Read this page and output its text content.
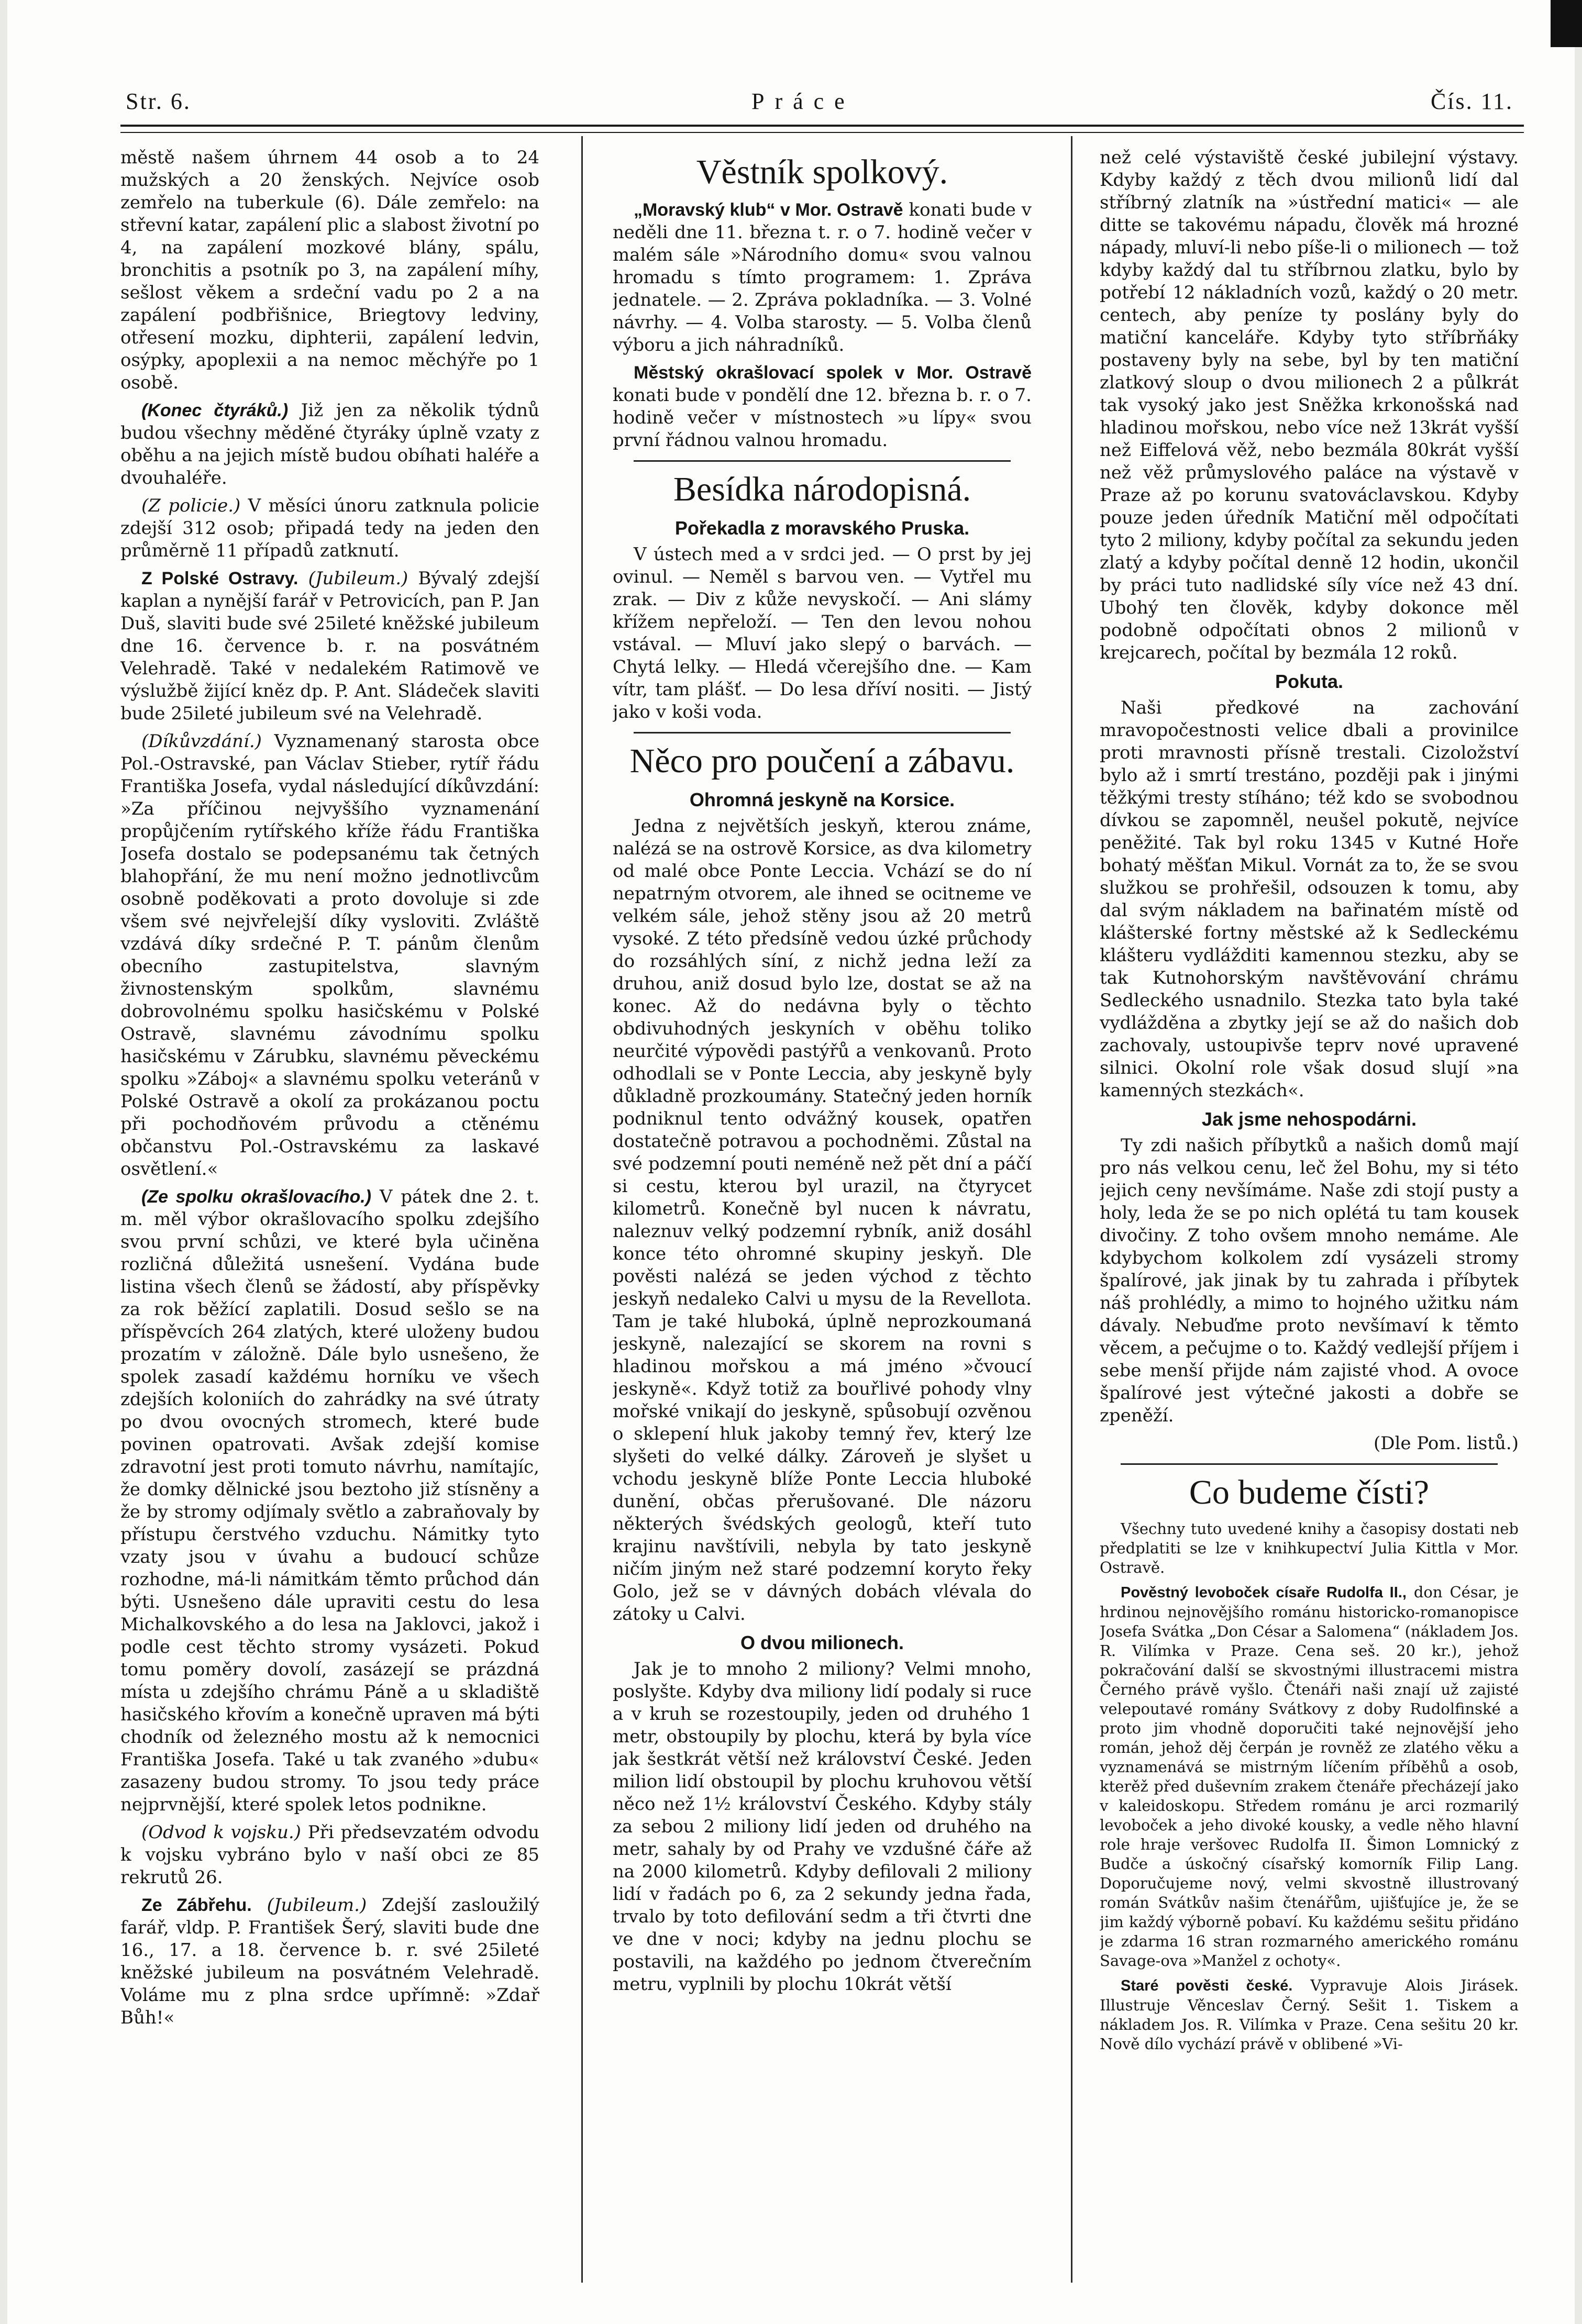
Str. 6.	Práce	Čís. 11.

městě našem úhrnem 44 osob a to 24 mužských a 20 ženských. Nejvíce osob zemřelo na tuberkule (6). Dále zemřelo: na střevní katar, zapálení plic a slabost životní po 4, na zapálení mozkové blány, spálu, bronchitis a psotník po 3, na zapálení míhy, sešlost věkem a srdeční vadu po 2 a na zapálení podbřišnice, Briegtovy ledviny, otřesení mozku, diphterii, zapálení ledvin, osýpky, apoplexii a na nemoc měchýře po 1 osobě.

(Konec čtyráků.) Již jen za několik týdnů budou všechny měděné čtyráky úplně vzaty z oběhu a na jejich místě budou obíhati haléře a dvouhaléře.

(Z policie.) V měsíci únoru zatknula policie zdejší 312 osob; připadá tedy na jeden den průměrně 11 případů zatknutí.

Z Polské Ostravy. (Jubileum.) Bývalý zdejší kaplan a nynější farář v Petrovicích, pan P. Jan Duš, slaviti bude své 25ileté kněžské jubileum dne 16. července b. r. na posvátném Velehradě. Také v nedalekém Ratimově ve výslužbě žijící kněz dp. P. Ant. Sládeček slaviti bude 25ileté jubileum své na Velehradě.

(Díkůvzdání.) Vyznamenaný starosta obce Pol.-Ostravské, pan Václav Stieber, rytíř řádu Františka Josefa, vydal následující díkůvzdání: »Za příčinou nejvyššího vyznamenání propůjčením rytířského kříže řádu Františka Josefa dostalo se podepsanému tak četných blahopřání, že mu není možno jednotlivcům osobně poděkovati a proto dovoluje si zde všem své nejvřelejší díky vysloviti. Zvláště vzdává díky srdečné P. T. pánům členům obecního zastupitelstva, slavným živnostenským spolkům, slavnému dobrovolnému spolku hasičskému v Polské Ostravě, slavnému závodnímu spolku hasičskému v Zárubku, slavnému pěveckému spolku »Záboj« a slavnému spolku veteránů v Polské Ostravě a okolí za prokázanou poctu při pochodňovém průvodu a ctěnému občanstvu Pol.-Ostravskému za laskavé osvětlení.«

(Ze spolku okrašlovacího.) V pátek dne 2. t. m. měl výbor okrašlovacího spolku zdejšího svou první schůzi, ve které byla učiněna rozličná důležitá usnešení. Vydána bude listina všech členů se žádostí, aby příspěvky za rok běžící zaplatili. Dosud sešlo se na příspěvcích 264 zlatých, které uloženy budou prozatím v záložně. Dále bylo usnešeno, že spolek zasadí každému horníku ve všech zdejších koloniích do zahrádky na své útraty po dvou ovocných stromech, které bude povinen opatrovati. Avšak zdejší komise zdravotní jest proti tomuto návrhu, namítajíc, že domky dělnické jsou beztoho již stísněny a že by stromy odjímaly světlo a zabraňovaly by přístupu čerstvého vzduchu. Námitky tyto vzaty jsou v úvahu a budoucí schůze rozhodne, má-li námitkám těmto průchod dán býti. Usnešeno dále upraviti cestu do lesa Michalkovského a do lesa na Jaklovci, jakož i podle cest těchto stromy vysázeti. Pokud tomu poměry dovolí, zasázejí se prázdná místa u zdejšího chrámu Páně a u skladiště hasičského křovím a konečně upraven má býti chodník od železného mostu až k nemocnici Františka Josefa. Také u tak zvaného »dubu« zasazeny budou stromy. To jsou tedy práce nejprvnější, které spolek letos podnikne.

(Odvod k vojsku.) Při předsevzatém odvodu k vojsku vybráno bylo v naší obci ze 85 rekrutů 26.

Ze Zábřehu. (Jubileum.) Zdejší zasloužilý farář, vldp. P. František Šerý, slaviti bude dne 16., 17. a 18. července b. r. své 25ileté kněžské jubileum na posvátném Velehradě. Voláme mu z plna srdce upřímně: »Zdař Bůh!«

Věstník spolkový.

„Moravský klub“ v Mor. Ostravě konati bude v neděli dne 11. března t. r. o 7. hodině večer v malém sále »Národního domu« svou valnou hromadu s tímto programem: 1. Zpráva jednatele. — 2. Zpráva pokladníka. — 3. Volné návrhy. — 4. Volba starosty. — 5. Volba členů výboru a jich náhradníků.

Městský okrašlovací spolek v Mor. Ostravě konati bude v pondělí dne 12. března b. r. o 7. hodině večer v místnostech »u lípy« svou první řádnou valnou hromadu.

Besídka národopisná.
Pořekadla z moravského Pruska.

V ústech med a v srdci jed. — O prst by jej ovinul. — Neměl s barvou ven. — Vytřel mu zrak. — Div z kůže nevyskočí. — Ani slámy křížem nepřeloží. — Ten den levou nohou vstával. — Mluví jako slepý o barvách. — Chytá lelky. — Hledá včerejšího dne. — Kam vítr, tam plášť. — Do lesa dříví nositi. — Jistý jako v koši voda.

Něco pro poučení a zábavu.
Ohromná jeskyně na Korsice.

Jedna z největších jeskyň, kterou známe, nalézá se na ostrově Korsice, as dva kilometry od malé obce Ponte Leccia. Vchází se do ní nepatrným otvorem, ale ihned se ocitneme ve velkém sále, jehož stěny jsou až 20 metrů vysoké. Z této předsíně vedou úzké průchody do rozsáhlých síní, z nichž jedna leží za druhou, aniž dosud bylo lze, dostat se až na konec. Až do nedávna byly o těchto obdivuhodných jeskyních v oběhu toliko neurčité výpovědi pastýřů a venkovanů. Proto odhodlali se v Ponte Leccia, aby jeskyně byly důkladně prozkoumány. Statečný jeden horník podniknul tento odvážný kousek, opatřen dostatečně potravou a pochodněmi. Zůstal na své podzemní pouti neméně než pět dní a páčí si cestu, kterou byl urazil, na čtyrycet kilometrů. Konečně byl nucen k návratu, naleznuv velký podzemní rybník, aniž dosáhl konce této ohromné skupiny jeskyň. Dle pověsti nalézá se jeden východ z těchto jeskyň nedaleko Calvi u mysu de la Revellota. Tam je také hluboká, úplně neprozkoumaná jeskyně, nalezající se skorem na rovni s hladinou mořskou a má jméno »čvoucí jeskyně«. Když totiž za bouřlivé pohody vlny mořské vnikají do jeskyně, spůsobují ozvěnou o sklepení hluk jakoby temný řev, který lze slyšeti do velké dálky. Zároveň je slyšet u vchodu jeskyně blíže Ponte Leccia hluboké dunění, občas přerušované. Dle názoru některých švédských geologů, kteří tuto krajinu navštívili, nebyla by tato jeskyně ničím jiným než staré podzemní koryto řeky Golo, jež se v dávných dobách vlévala do zátoky u Calvi.

O dvou milionech.

Jak je to mnoho 2 miliony? Velmi mnoho, poslyšte. Kdyby dva miliony lidí podaly si ruce a v kruh se rozestoupily, jeden od druhého 1 metr, obstoupily by plochu, která by byla více jak šestkrát větší než království České. Jeden milion lidí obstoupil by plochu kruhovou větší něco než 1½ království Českého. Kdyby stály za sebou 2 miliony lidí jeden od druhého na metr, sahaly by od Prahy ve vzdušné čáře až na 2000 kilometrů. Kdyby defilovali 2 miliony lidí v řadách po 6, za 2 sekundy jedna řada, trvalo by toto defilování sedm a tři čtvrti dne ve dne v noci; kdyby na jednu plochu se postavili, na každého po jednom čtverečním metru, vyplnili by plochu 10krát větší

než celé výstaviště české jubilejní výstavy. Kdyby každý z těch dvou milionů lidí dal stříbrný zlatník na »ústřední matici« — ale ditte se takovému nápadu, člověk má hrozné nápady, mluví-li nebo píše-li o milionech — tož kdyby každý dal tu stříbrnou zlatku, bylo by potřebí 12 nákladních vozů, každý o 20 metr. centech, aby peníze ty poslány byly do matiční kanceláře. Kdyby tyto stříbrňáky postaveny byly na sebe, byl by ten matiční zlatkový sloup o dvou milionech 2 a půlkrát tak vysoký jako jest Sněžka krkonošská nad hladinou mořskou, nebo více než 13krát vyšší než Eiffelová věž, nebo bezmála 80krát vyšší než věž průmyslového paláce na výstavě v Praze až po korunu svatováclavskou. Kdyby pouze jeden úředník Matiční měl odpočítati tyto 2 miliony, kdyby počítal za sekundu jeden zlatý a kdyby počítal denně 12 hodin, ukončil by práci tuto nadlidské síly více než 43 dní. Ubohý ten člověk, kdyby dokonce měl podobně odpočítati obnos 2 milionů v krejcarech, počítal by bezmála 12 roků.

Pokuta.

Naši předkové na zachování mravopočestnosti velice dbali a provinilce proti mravnosti přísně trestali. Cizoložství bylo až i smrtí trestáno, později pak i jinými těžkými tresty stíháno; též kdo se svobodnou dívkou se zapomněl, neušel pokutě, nejvíce peněžité. Tak byl roku 1345 v Kutné Hoře bohatý měšťan Mikul. Vornát za to, že se svou služkou se prohřešil, odsouzen k tomu, aby dal svým nákladem na bařinatém místě od klášterské fortny městské až k Sedleckému klášteru vydlážditi kamennou stezku, aby se tak Kutnohorským navštěvování chrámu Sedleckého usnadnilo. Stezka tato byla také vydlážděna a zbytky její se až do našich dob zachovaly, ustoupivše teprv nové upravené silnici. Okolní role však dosud slují »na kamenných stezkách«.

Jak jsme nehospodárni.

Ty zdi našich příbytků a našich domů mají pro nás velkou cenu, leč žel Bohu, my si této jejich ceny nevšímáme. Naše zdi stojí pusty a holy, leda že se po nich oplétá tu tam kousek divočiny. Z toho ovšem mnoho nemáme. Ale kdybychom kolkolem zdí vysázeli stromy špalírové, jak jinak by tu zahrada i příbytek náš prohlédly, a mimo to hojného užitku nám dávaly. Nebuďme proto nevšímaví k těmto věcem, a pečujme o to. Každý vedlejší příjem i sebe menší přijde nám zajisté vhod. A ovoce špalírové jest výtečné jakosti a dobře se zpeněží.

(Dle Pom. listů.)

Co budeme čísti?

Všechny tuto uvedené knihy a časopisy dostati neb předplatiti se lze v knihkupectví Julia Kittla v Mor. Ostravě.

Pověstný levoboček císaře Rudolfa II., don César, je hrdinou nejnovějšího románu historicko-romanopisce Josefa Svátka „Don César a Salomena“ (nákladem Jos. R. Vilímka v Praze. Cena seš. 20 kr.), jehož pokračování další se skvostnými illustracemi mistra Černého právě vyšlo. Čtenáři naši znají už zajisté velepoutavé romány Svátkovy z doby Rudolfinské a proto jim vhodně doporučiti také nejnovější jeho román, jehož děj čerpán je rovněž ze zlatého věku a vyznamenává se mistrným líčením příběhů a osob, kterěž před duševním zrakem čtenáře přecházejí jako v kaleidoskopu. Středem románu je arci rozmarilý levoboček a jeho divoké kousky, a vedle něho hlavní role hraje veršovec Rudolfa II. Šimon Lomnický z Budče a úskočný císařský komorník Filip Lang. Doporučujeme nový, velmi skvostně illustrovaný román Svátkův našim čtenářům, ujišťujíce je, že se jim každý výborně pobaví. Ku každému sešitu přidáno je zdarma 16 stran rozmarného amerického románu Savage-ova »Manžel z ochoty«.

Staré pověsti české. Vypravuje Alois Jirásek. Illustruje Věnceslav Černý. Sešit 1. Tiskem a nákladem Jos. R. Vilímka v Praze. Cena sešitu 20 kr. Nově dílo vychází právě v oblibené »Vi-
